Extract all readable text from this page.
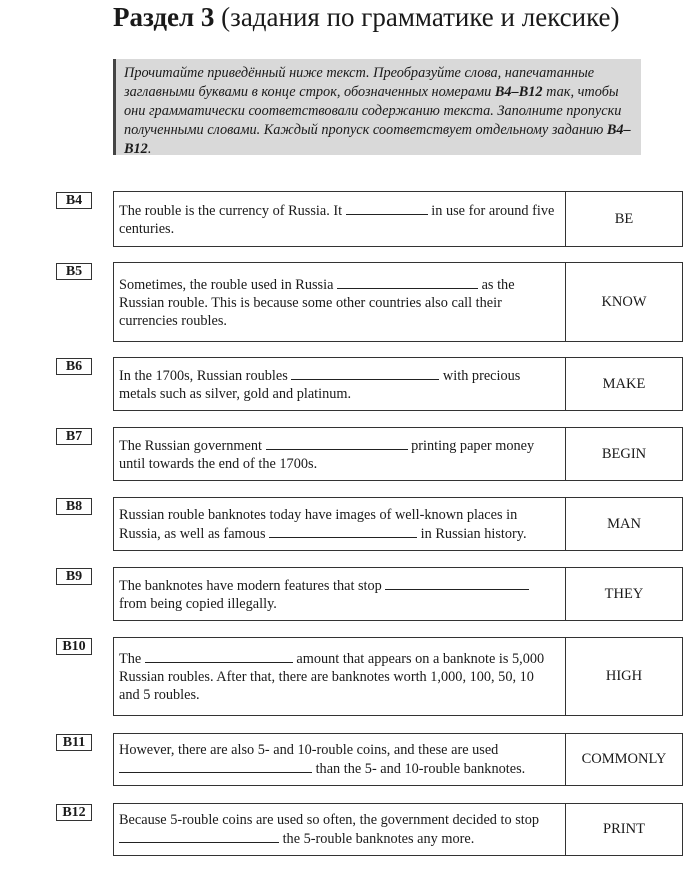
Раздел 3 (задания по грамматике и лексике)
Прочитайте приведённый ниже текст. Преобразуйте слова, напечатанные заглавными буквами в конце строк, обозначенных номерами B4–B12 так, чтобы они грамматически соответствовали содержанию текста. Заполните пропуски полученными словами. Каждый пропуск соответствует отдельному заданию B4–B12.
B4
The rouble is the currency of Russia. It	in use for around five centuries.
BE
B5
Sometimes, the rouble used in Russia	as the Russian rouble. This is because some other countries also call their currencies roubles.
KNOW
B6
In the 1700s, Russian roubles	with precious metals such as silver, gold and platinum.
MAKE
B7
The Russian government	printing paper money until towards the end of the 1700s.
BEGIN
B8	Russian rouble banknotes today have images of well-known places in Russia, as well as famous	in Russian history.
MAN
B9
The banknotes have modern features that stop  from being copied illegally.
THEY
B10
The	amount that appears on a banknote is 5,000 Russian roubles. After that, there are banknotes worth 1,000, 100, 50, 10 and 5 roubles.
HIGH
B11	However, there are also 5- and 10-rouble coins, and these are used  than the 5- and 10-rouble banknotes.
COMMONLY
B12	Because 5-rouble coins are used so often, the government decided to stop  the 5-rouble banknotes any more.
PRINT
